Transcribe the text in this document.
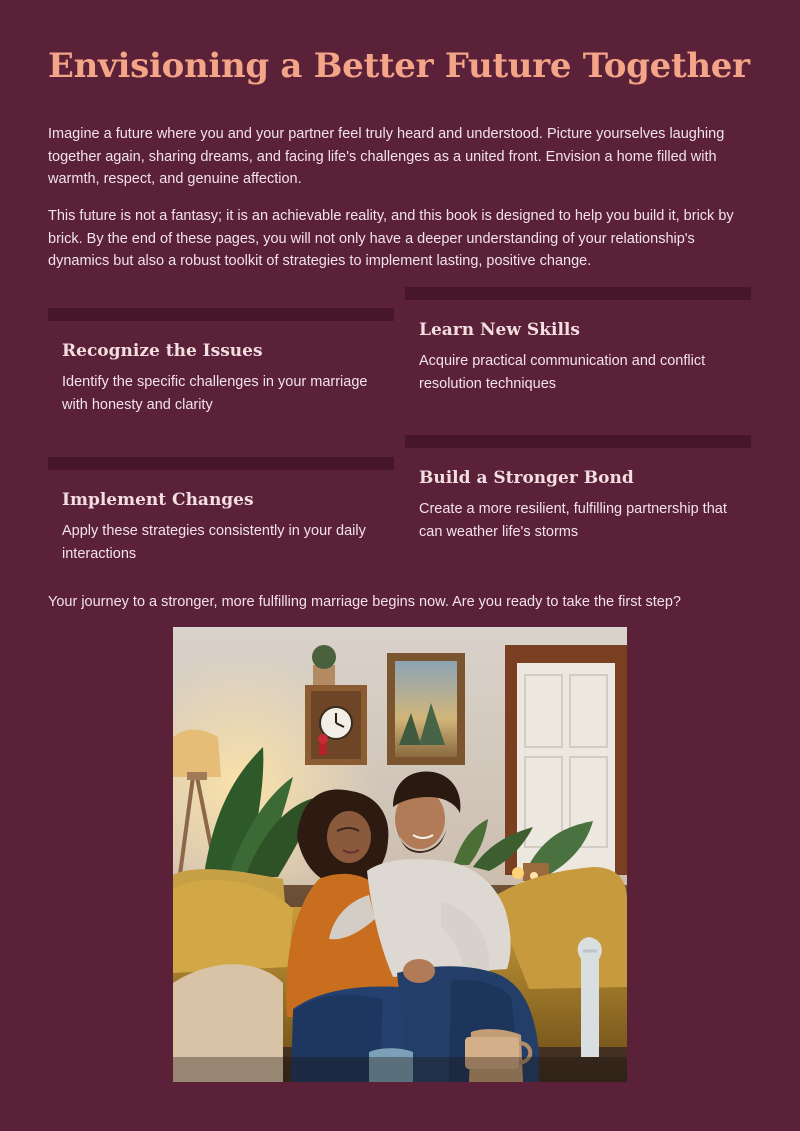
Envisioning a Better Future Together

Imagine a future where you and your partner feel truly heard and understood. Picture yourselves laughing together again, sharing dreams, and facing life's challenges as a united front. Envision a home filled with warmth, respect, and genuine affection.

This future is not a fantasy; it is an achievable reality, and this book is designed to help you build it, brick by brick. By the end of these pages, you will not only have a deeper understanding of your relationship's dynamics but also a robust toolkit of strategies to implement lasting, positive change.

Recognize the Issues

Identify the specific challenges in your marriage with honesty and clarity

Learn New Skills

Acquire practical communication and conflict resolution techniques

Implement Changes

Apply these strategies consistently in your daily interactions

Build a Stronger Bond

Create a more resilient, fulfilling partnership that can weather life's storms

Your journey to a stronger, more fulfilling marriage begins now. Are you ready to take the first step?
